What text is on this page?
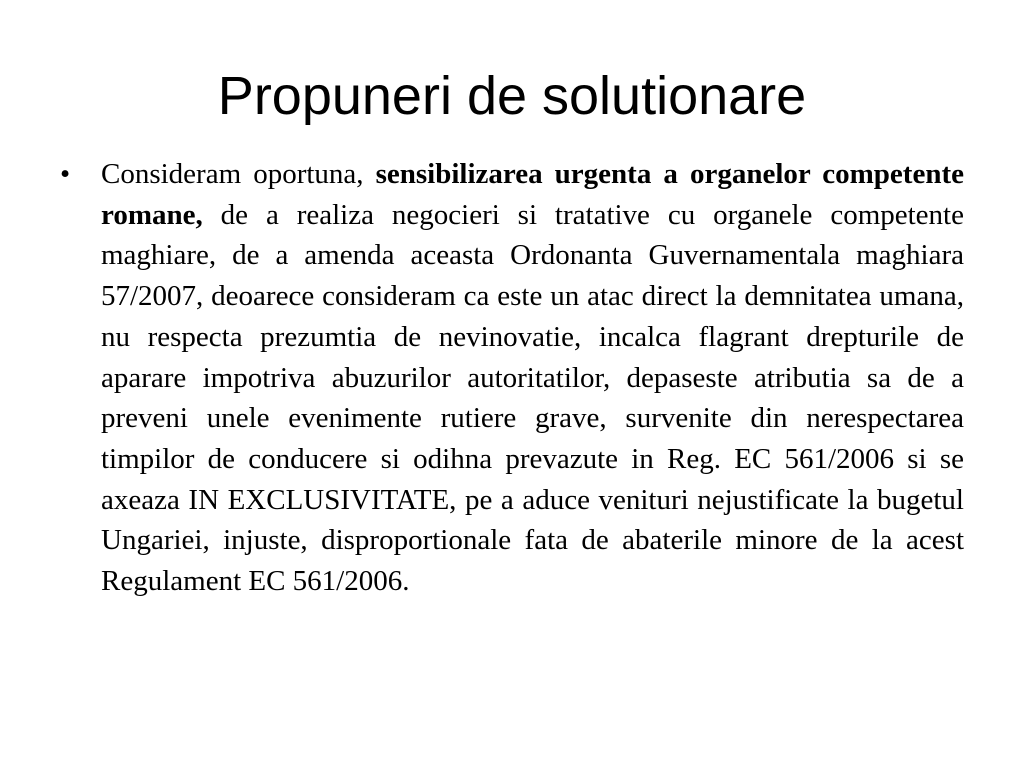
Propuneri de solutionare
• Consideram oportuna, sensibilizarea urgenta a organelor competente romane, de a realiza negocieri si tratative cu organele competente maghiare, de a amenda aceasta Ordonanta Guvernamentala maghiara 57/2007, deoarece consideram ca este un atac direct la demnitatea umana, nu respecta prezumtia de nevinovatie, incalca flagrant drepturile de aparare impotriva abuzurilor autoritatilor, depaseste atributia sa de a preveni unele evenimente rutiere grave, survenite din nerespectarea timpilor de conducere si odihna prevazute in Reg. EC 561/2006 si se axeaza IN EXCLUSIVITATE, pe a aduce venituri nejustificate la bugetul Ungariei, injuste, disproportionale fata de abaterile minore de la acest Regulament EC 561/2006.
